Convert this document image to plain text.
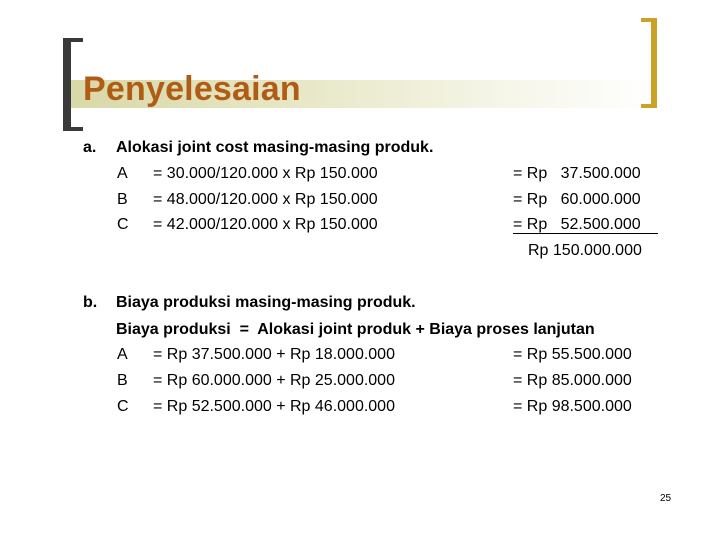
Penyelesaian
a. Alokasi joint cost masing-masing produk.
A = 30.000/120.000 x Rp 150.000	= Rp   37.500.000
B = 48.000/120.000 x Rp 150.000	= Rp   60.000.000
C = 42.000/120.000 x Rp 150.000	= Rp   52.500.000
Rp 150.000.000
b. Biaya produksi masing-masing produk.
Biaya produksi  =  Alokasi joint produk + Biaya proses lanjutan
A = Rp 37.500.000 + Rp 18.000.000	= Rp 55.500.000
B = Rp 60.000.000 + Rp 25.000.000	= Rp 85.000.000
C = Rp 52.500.000 + Rp 46.000.000	= Rp 98.500.000
25
